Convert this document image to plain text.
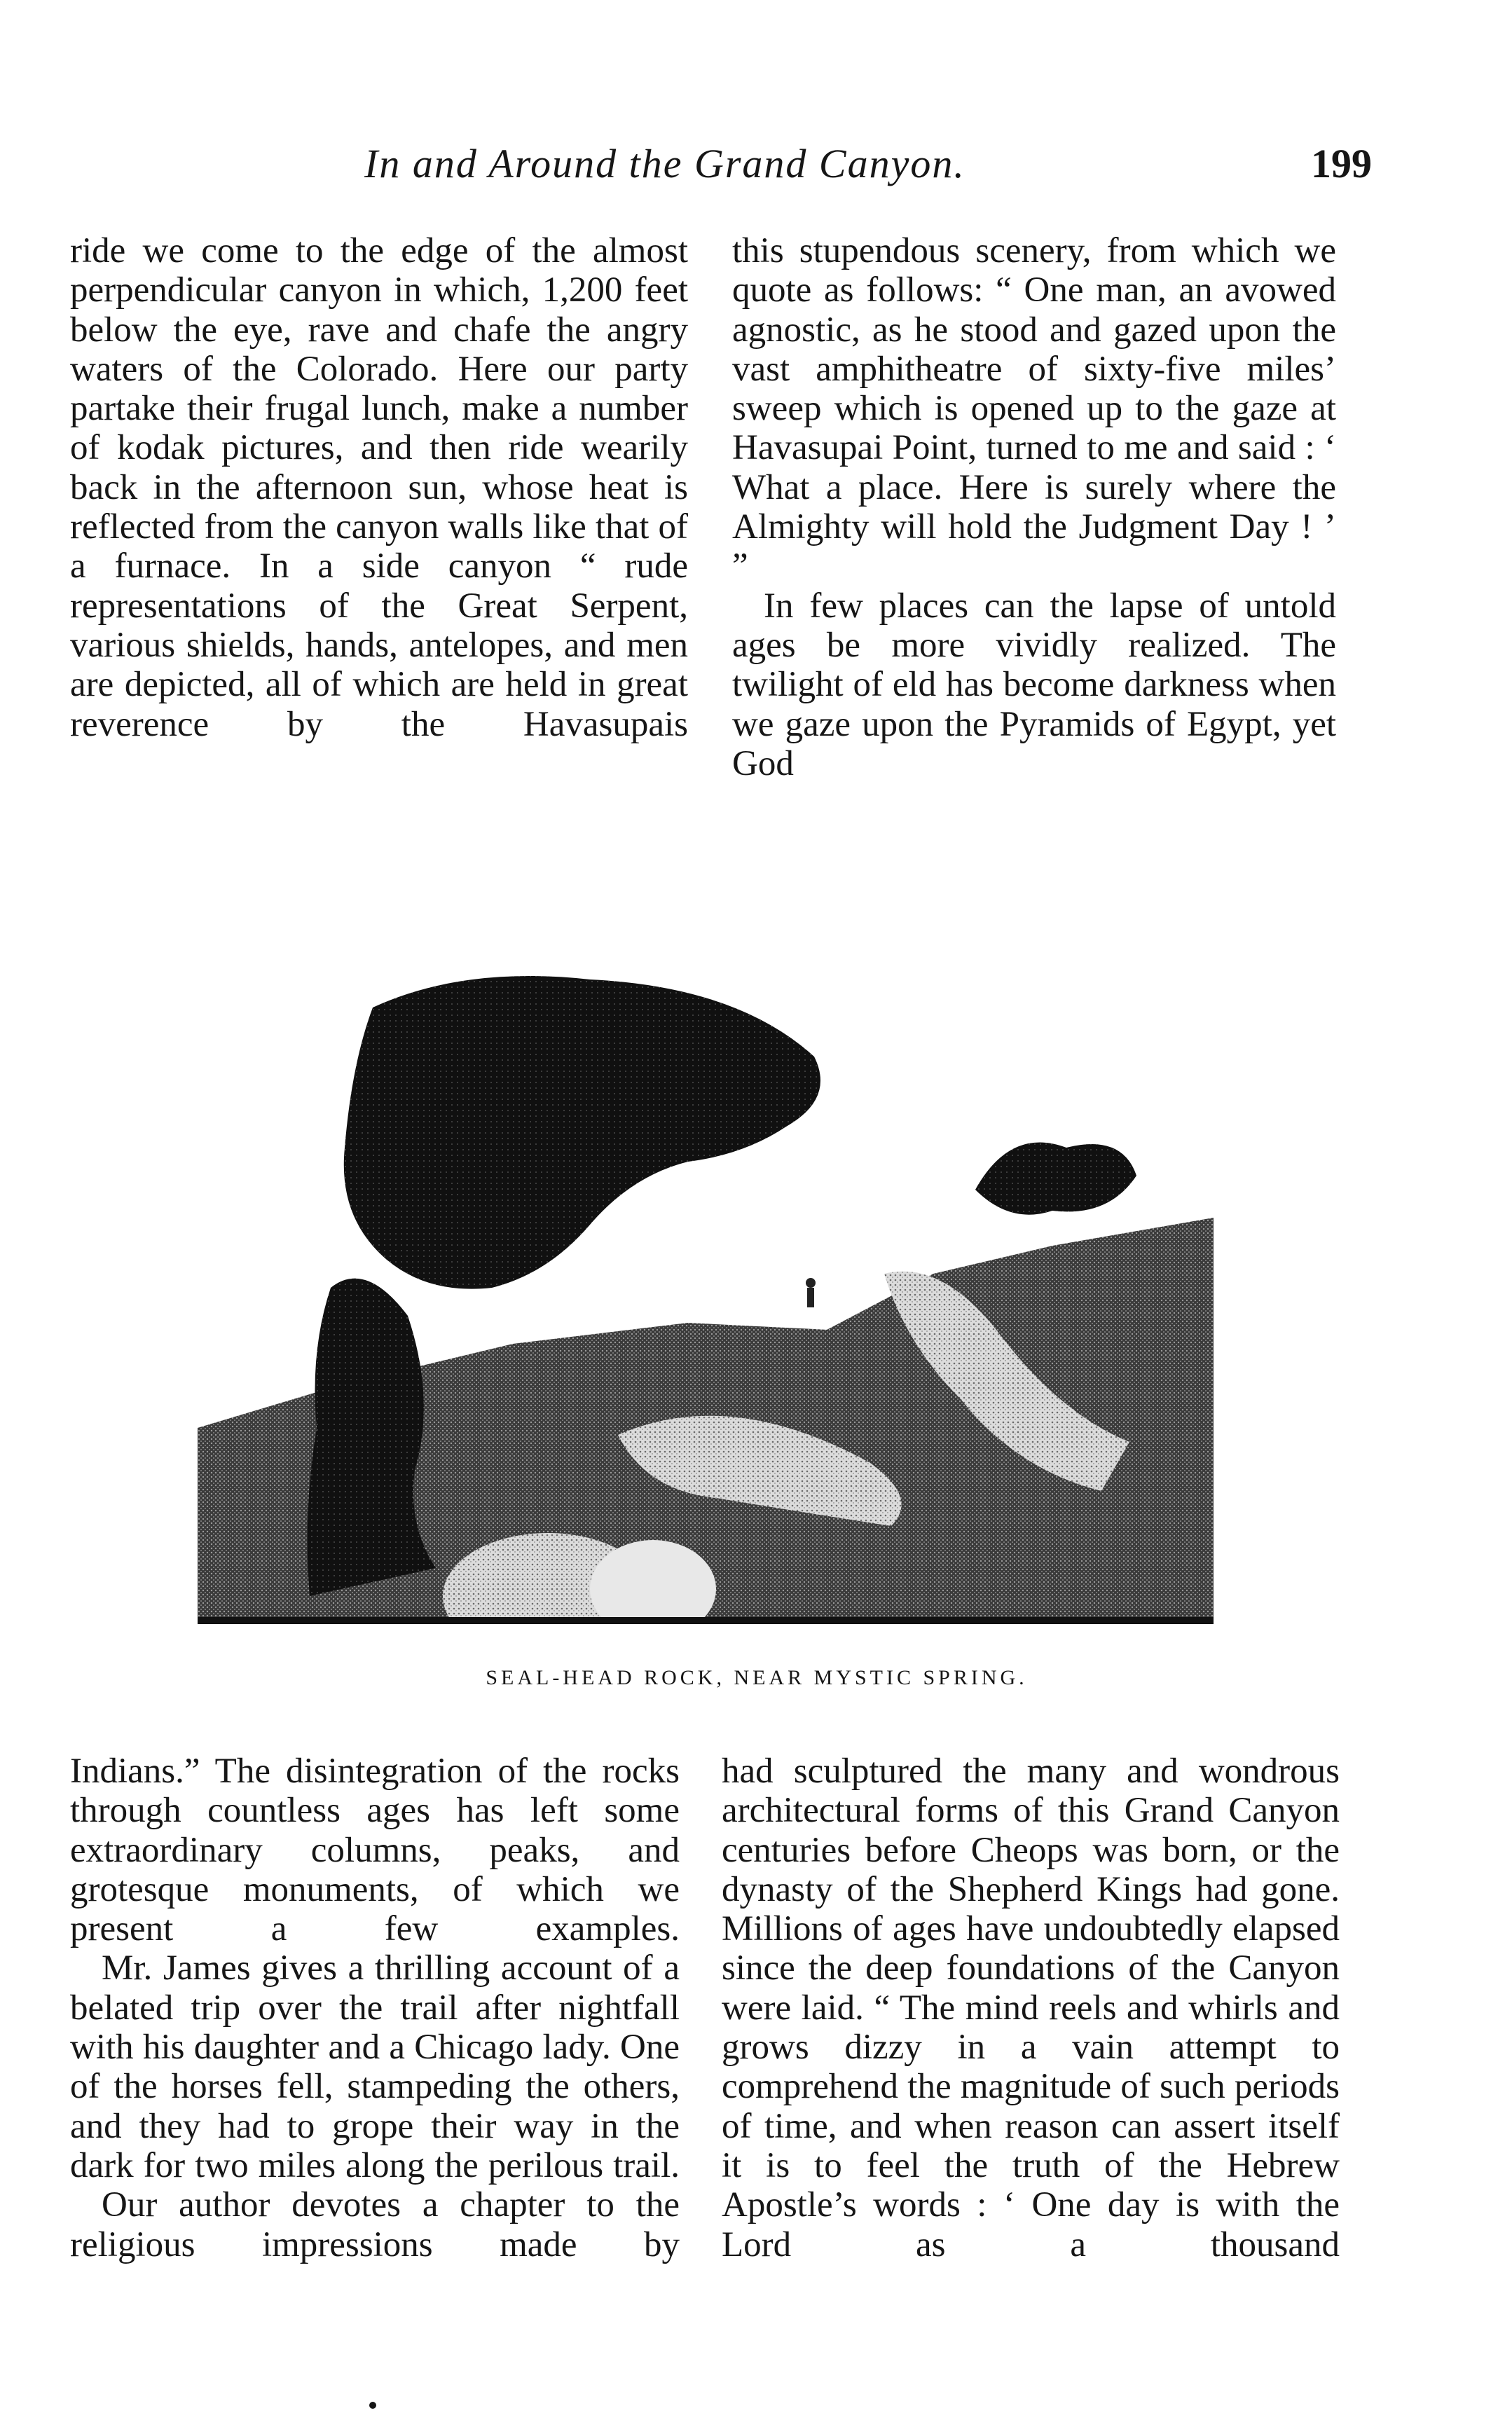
In and Around the Grand Canyon.	199

ride we come to the edge of the almost perpendicular canyon in which, 1,200 feet below the eye, rave and chafe the angry waters of the Colorado. Here our party partake their frugal lunch, make a number of kodak pictures, and then ride wearily back in the afternoon sun, whose heat is reflected from the canyon walls like that of a furnace. In a side canyon “ rude representations of the Great Serpent, various shields, hands, antelopes, and men are depicted, all of which are held in great reverence by the Havasupais

this stupendous scenery, from which we quote as follows: “ One man, an avowed agnostic, as he stood and gazed upon the vast amphitheatre of sixty-five miles’ sweep which is opened up to the gaze at Havasupai Point, turned to me and said : ‘ What a place. Here is surely where the Almighty will hold the Judgment Day ! ’ ”

In few places can the lapse of untold ages be more vividly realized. The twilight of eld has become darkness when we gaze upon the Pyramids of Egypt, yet God

SEAL-HEAD ROCK, NEAR MYSTIC SPRING.

Indians.” The disintegration of the rocks through countless ages has left some extraordinary columns, peaks, and grotesque monuments, of which we present a few examples.

Mr. James gives a thrilling account of a belated trip over the trail after nightfall with his daughter and a Chicago lady. One of the horses fell, stampeding the others, and they had to grope their way in the dark for two miles along the perilous trail.

Our author devotes a chapter to the religious impressions made by

had sculptured the many and wondrous architectural forms of this Grand Canyon centuries before Cheops was born, or the dynasty of the Shepherd Kings had gone. Millions of ages have undoubtedly elapsed since the deep foundations of the Canyon were laid. “ The mind reels and whirls and grows dizzy in a vain attempt to comprehend the magnitude of such periods of time, and when reason can assert itself it is to feel the truth of the Hebrew Apostle’s words : ‘ One day is with the Lord as a thousand
